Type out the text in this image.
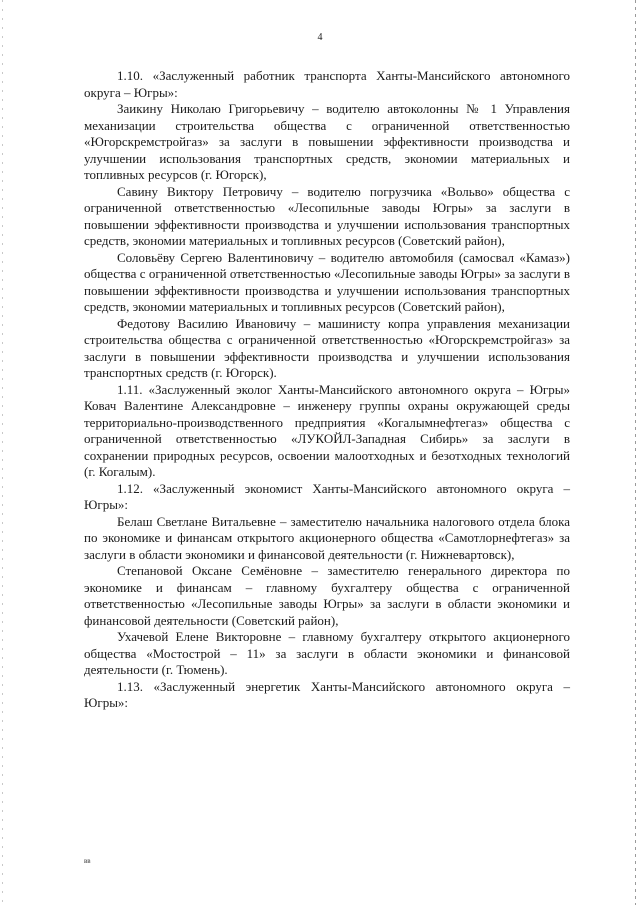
4

1.10. «Заслуженный работник транспорта Ханты-Мансийского автономного округа – Югры»:

Заикину Николаю Григорьевичу – водителю автоколонны № 1 Управления механизации строительства общества с ограниченной ответственностью «Югорскремстройгаз» за заслуги в повышении эффективности производства и улучшении использования транспортных средств, экономии материальных и топливных ресурсов (г. Югорск),

Савину Виктору Петровичу – водителю погрузчика «Вольво» общества с ограниченной ответственностью «Лесопильные заводы Югры» за заслуги в повышении эффективности производства и улучшении использования транспортных средств, экономии материальных и топливных ресурсов (Советский район),

Соловьёву Сергею Валентиновичу – водителю автомобиля (самосвал «Камаз») общества с ограниченной ответственностью «Лесопильные заводы Югры» за заслуги в повышении эффективности производства и улучшении использования транспортных средств, экономии материальных и топливных ресурсов (Советский район),

Федотову Василию Ивановичу – машинисту копра управления механизации строительства общества с ограниченной ответственностью «Югорскремстройгаз» за заслуги в повышении эффективности производства и улучшении использования транспортных средств (г. Югорск).

1.11. «Заслуженный эколог Ханты-Мансийского автономного округа – Югры» Ковач Валентине Александровне – инженеру группы охраны окружающей среды территориально-производственного предприятия «Когалымнефтегаз» общества с ограниченной ответственностью «ЛУКОЙЛ-Западная Сибирь» за заслуги в сохранении природных ресурсов, освоении малоотходных и безотходных технологий (г. Когалым).

1.12. «Заслуженный экономист Ханты-Мансийского автономного округа – Югры»:

Белаш Светлане Витальевне – заместителю начальника налогового отдела блока по экономике и финансам открытого акционерного общества «Самотлорнефтегаз» за заслуги в области экономики и финансовой деятельности (г. Нижневартовск),

Степановой Оксане Семёновне – заместителю генерального директора по экономике и финансам – главному бухгалтеру общества с ограниченной ответственностью «Лесопильные заводы Югры» за заслуги в области экономики и финансовой деятельности (Советский район),

Ухачевой Елене Викторовне – главному бухгалтеру открытого акционерного общества «Мостострой – 11» за заслуги в области экономики и финансовой деятельности (г. Тюмень).

1.13. «Заслуженный энергетик Ханты-Мансийского автономного округа – Югры»:

вв
